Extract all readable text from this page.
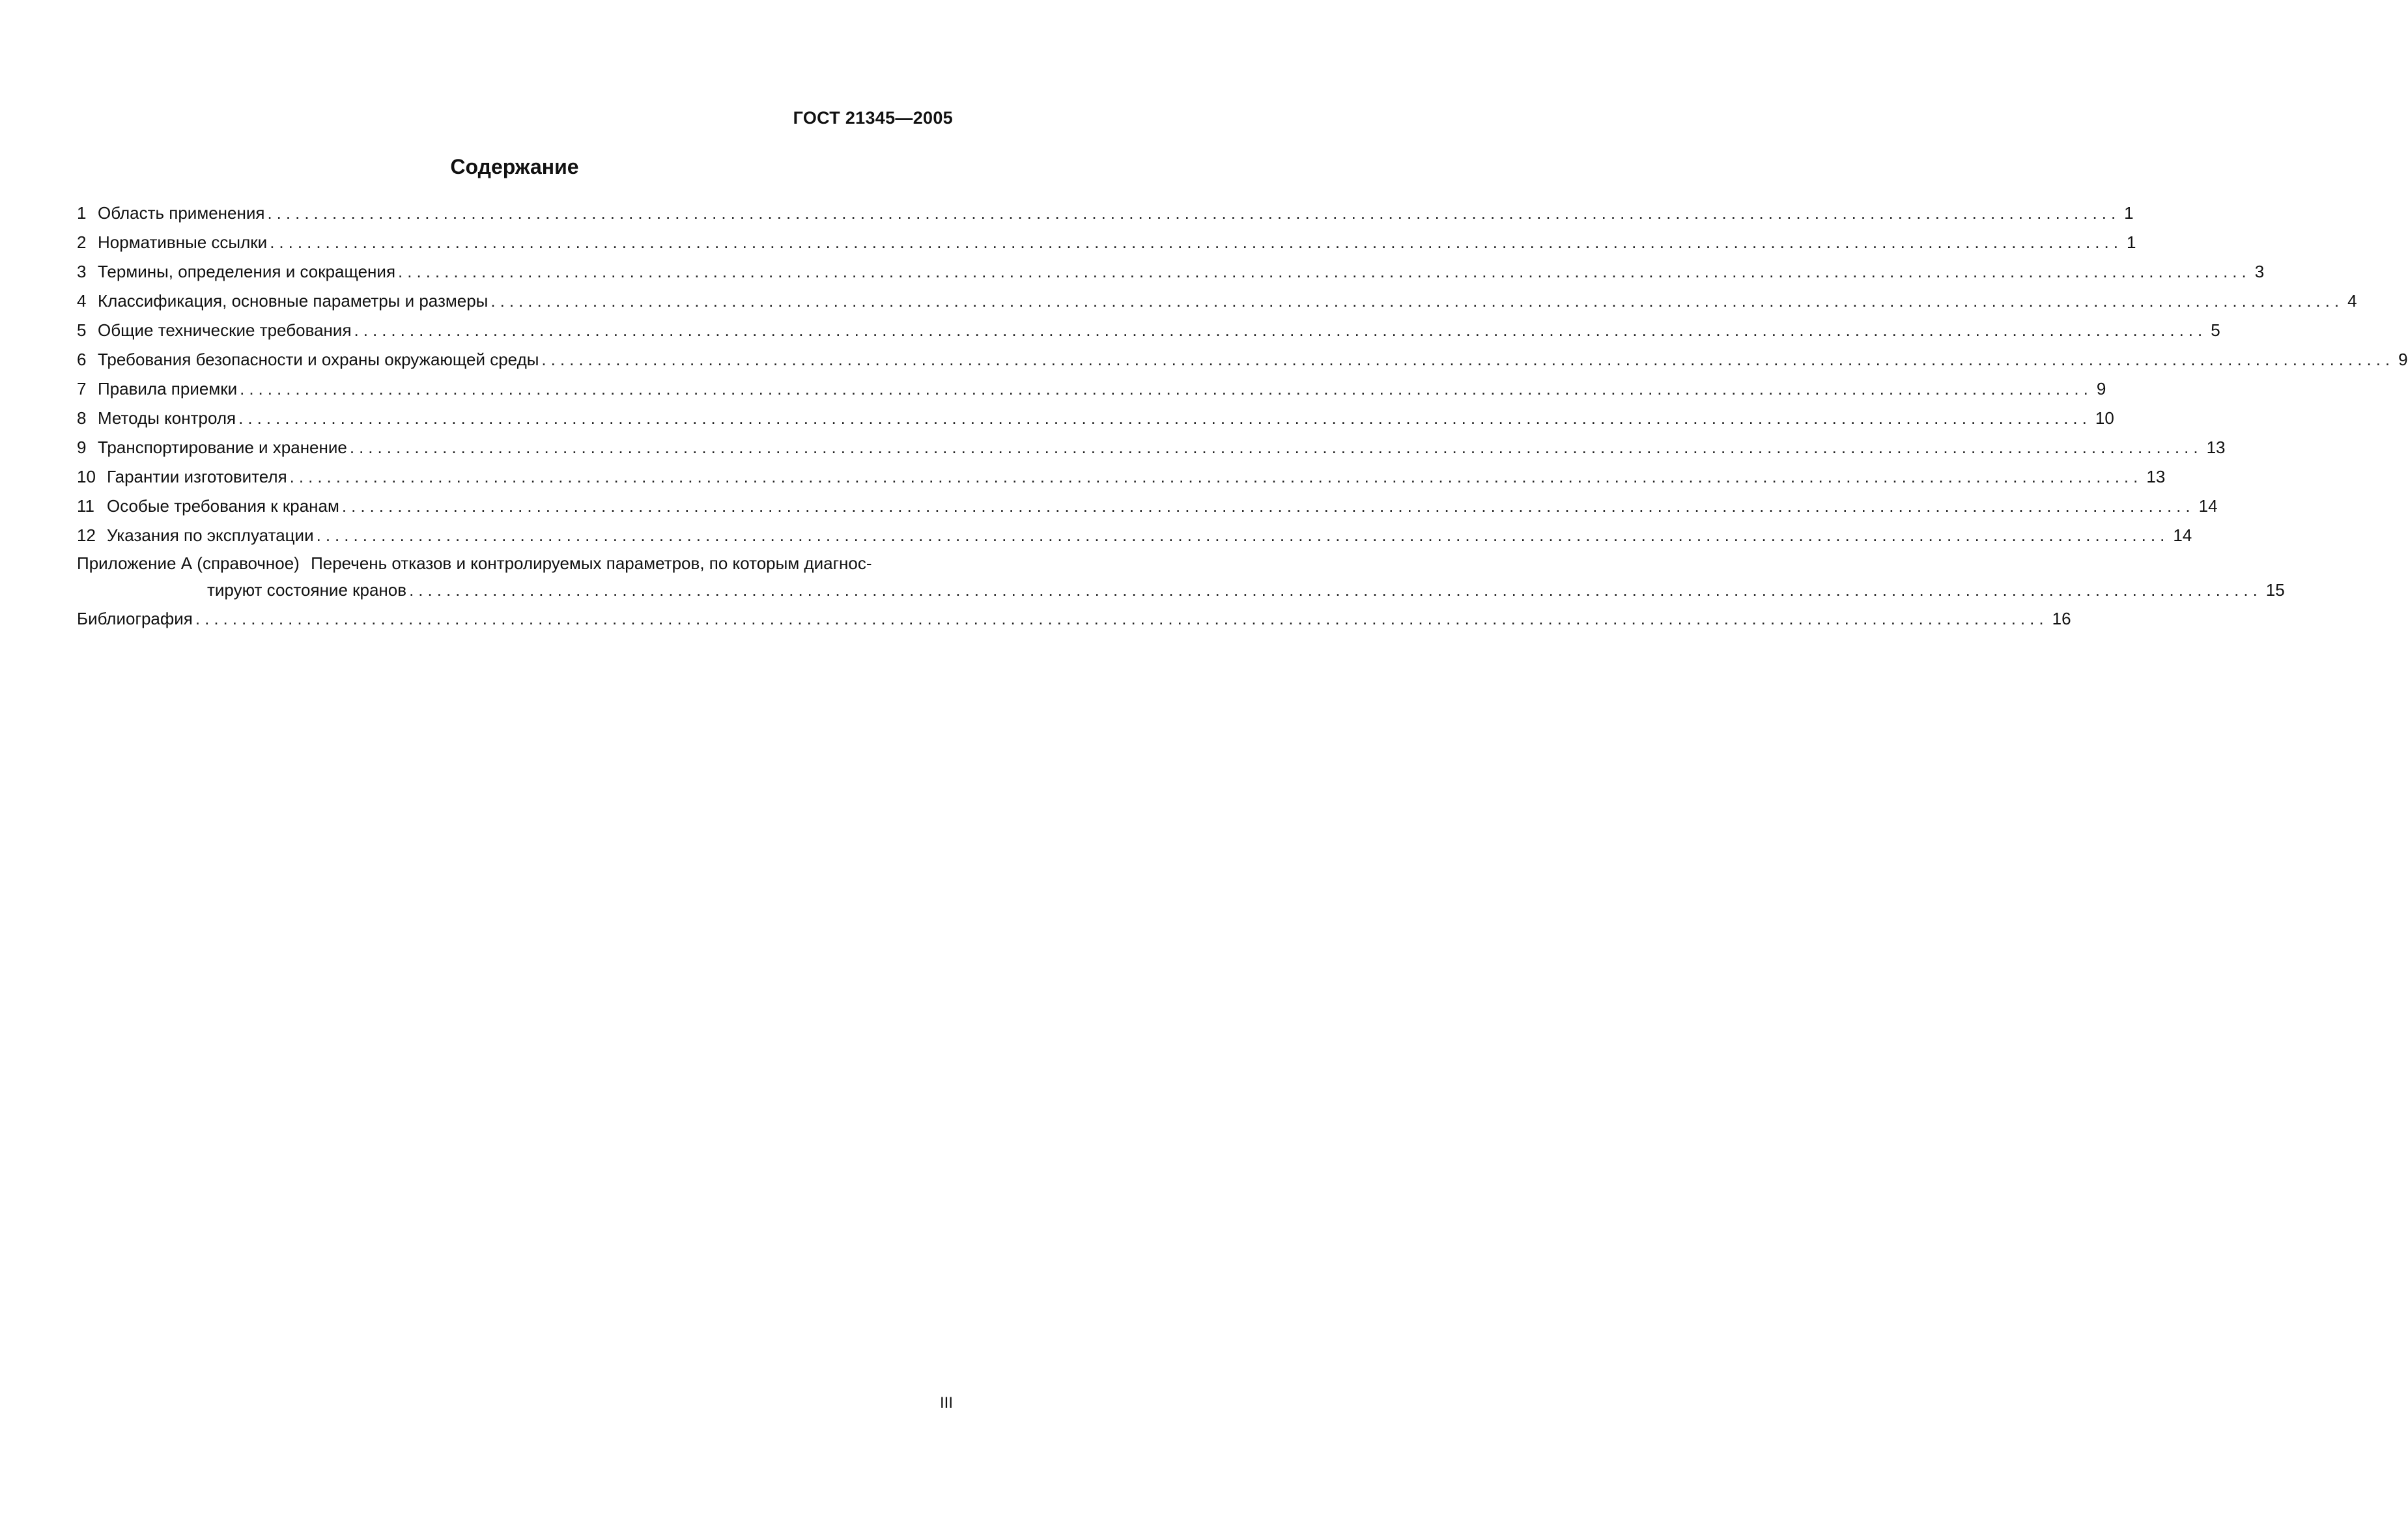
ГОСТ 21345—2005
Содержание
1 Область применения ........................................................................................................................................................................................................ 1
2 Нормативные ссылки ........................................................................................................................................................................................................ 1
3 Термины, определения и сокращения ........................................................................................................................................................................................................ 3
4 Классификация, основные параметры и размеры ........................................................................................................................................................................................................ 4
5 Общие технические требования ........................................................................................................................................................................................................ 5
6 Требования безопасности и охраны окружающей среды ........................................................................................................................................................................................................ 9
7 Правила приемки ........................................................................................................................................................................................................ 9
8 Методы контроля ........................................................................................................................................................................................................ 10
9 Транспортирование и хранение ........................................................................................................................................................................................................ 13
10 Гарантии изготовителя ........................................................................................................................................................................................................ 13
11 Особые требования к кранам ........................................................................................................................................................................................................ 14
12 Указания по эксплуатации ........................................................................................................................................................................................................ 14
Приложение А (справочное) Перечень отказов и контролируемых параметров, по которым диагнос-
тируют состояние кранов ........................................................................................................................................................................................................ 15
Библиография ........................................................................................................................................................................................................ 16
III
